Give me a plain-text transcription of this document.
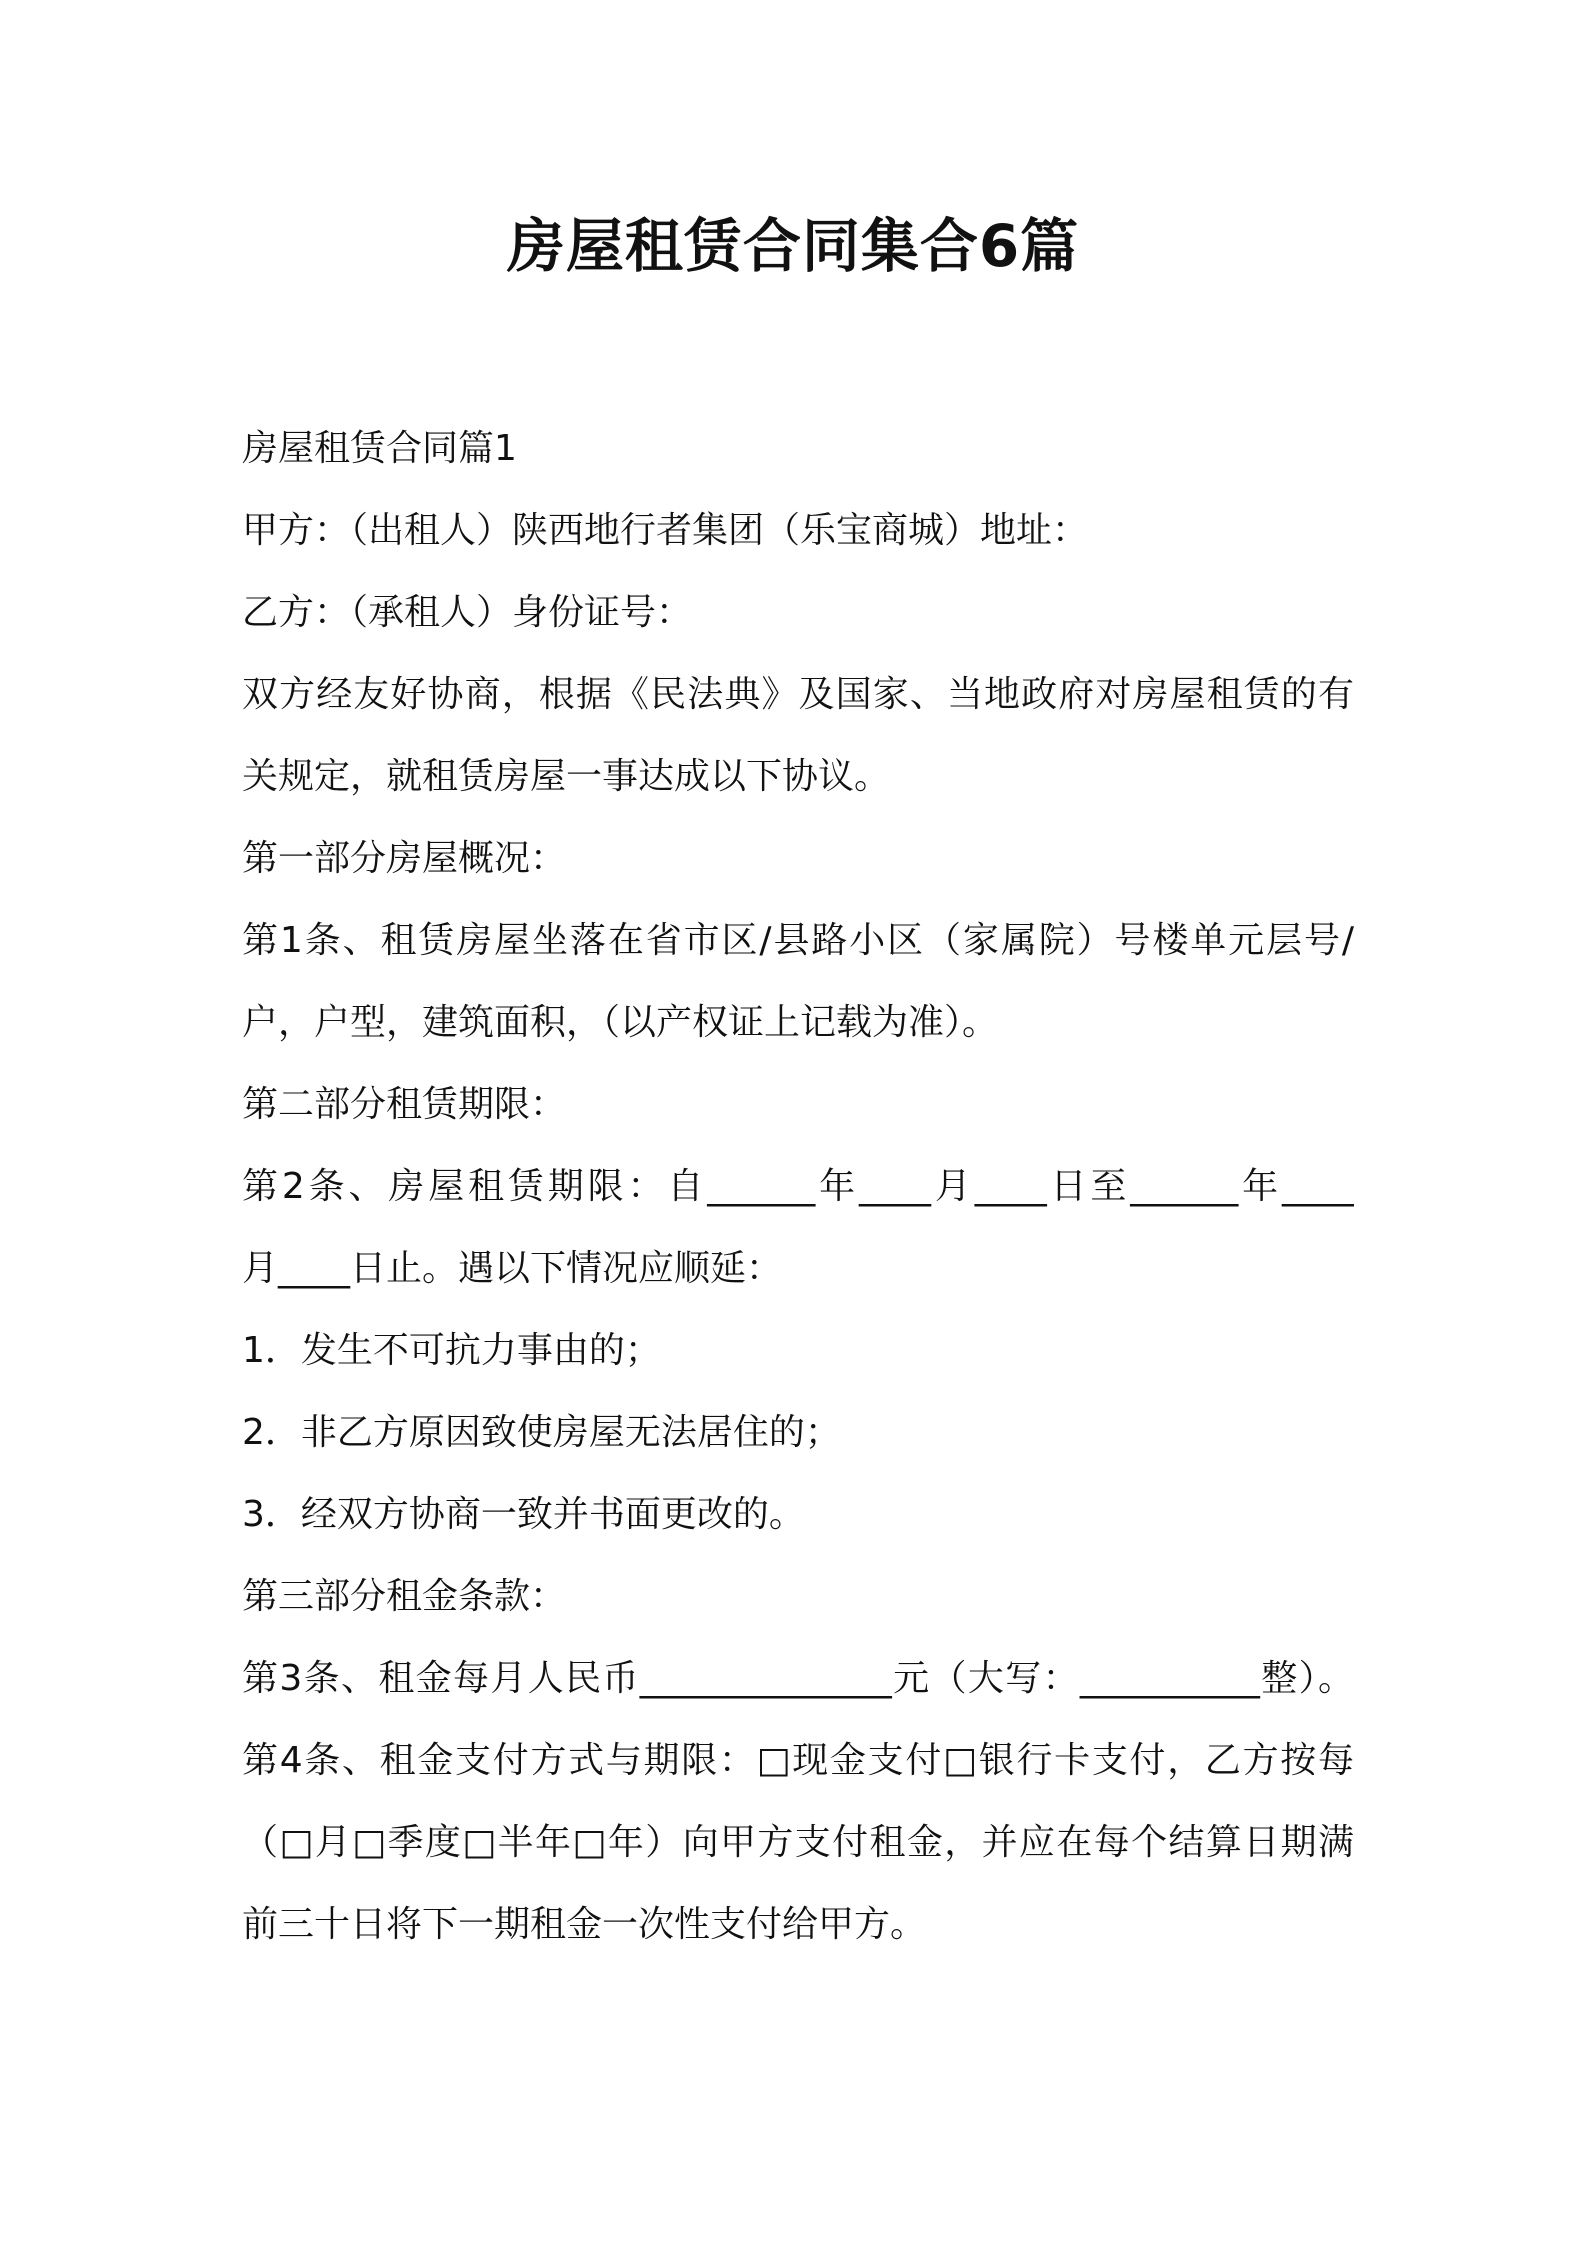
房屋租赁合同集合6篇
房屋租赁合同篇1
甲方：（出租人）陕西地行者集团（乐宝商城）地址：
乙方：（承租人）身份证号：
双方经友好协商，根据《民法典》及国家、当地政府对房屋租赁的有
关规定，就租赁房屋一事达成以下协议。
第一部分房屋概况：
第1条、租赁房屋坐落在省市区/县路小区（家属院）号楼单元层号/
户，户型，建筑面积，（以产权证上记载为准）。
第二部分租赁期限：
第2条、房屋租赁期限：自______年____月____日至______年____
月____日止。遇以下情况应顺延：
1．发生不可抗力事由的；
2．非乙方原因致使房屋无法居住的；
3．经双方协商一致并书面更改的。
第三部分租金条款：
第3条、租金每月人民币______________元（大写：__________整）。
第4条、租金支付方式与期限：□现金支付□银行卡支付，乙方按每
（□月□季度□半年□年）向甲方支付租金，并应在每个结算日期满
前三十日将下一期租金一次性支付给甲方。
